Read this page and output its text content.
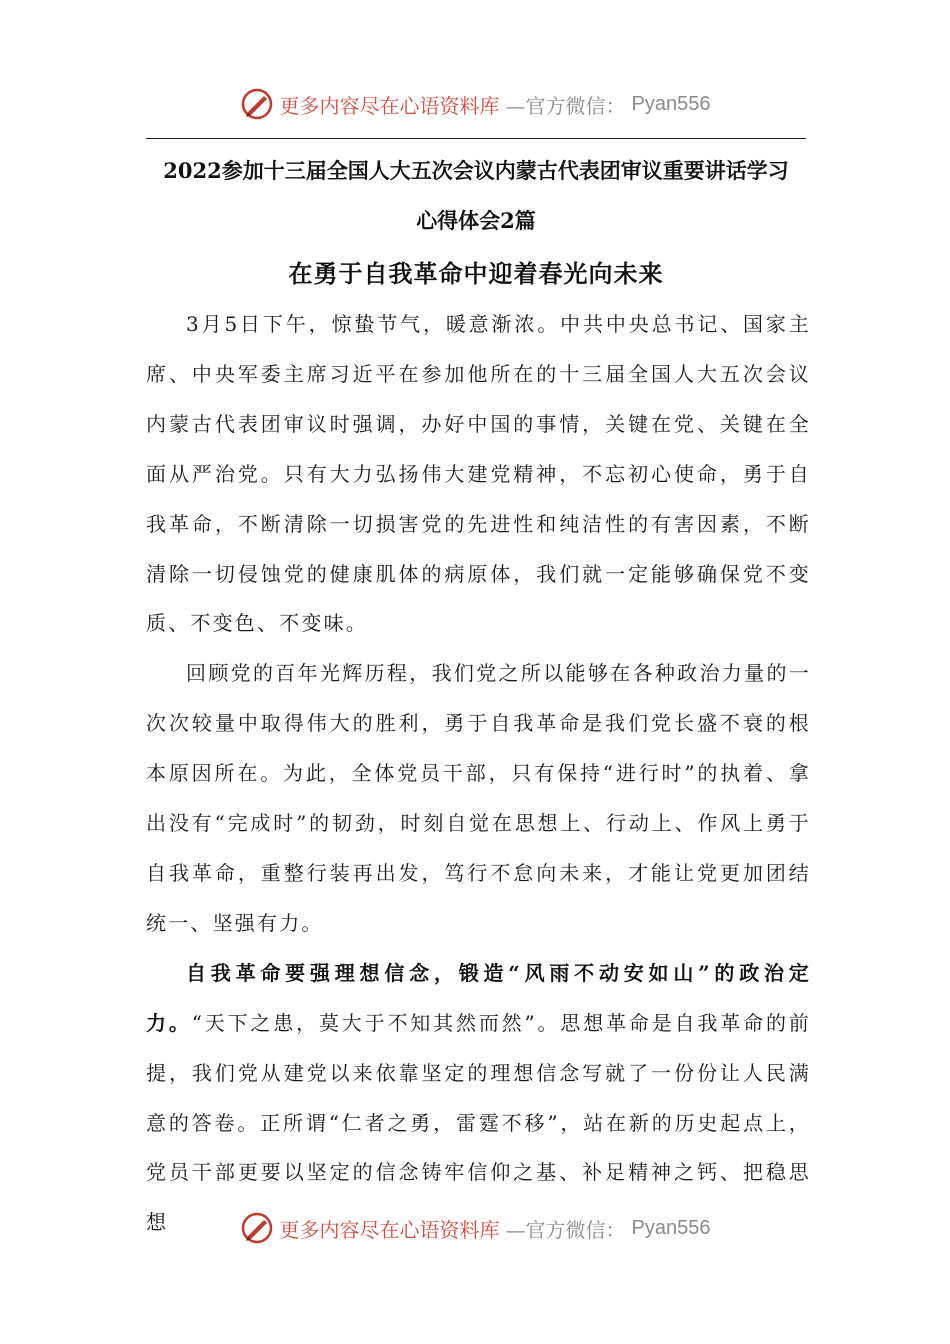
更多内容尽在心语资料库 —官方微信： Pyan556
2022参加十三届全国人大五次会议内蒙古代表团审议重要讲话学习
心得体会2篇
在勇于自我革命中迎着春光向未来

3月5日下午，惊蛰节气，暖意渐浓。中共中央总书记、国家主席、中央军委主席习近平在参加他所在的十三届全国人大五次会议内蒙古代表团审议时强调，办好中国的事情，关键在党、关键在全面从严治党。只有大力弘扬伟大建党精神，不忘初心使命，勇于自我革命，不断清除一切损害党的先进性和纯洁性的有害因素，不断清除一切侵蚀党的健康肌体的病原体，我们就一定能够确保党不变质、不变色、不变味。

回顾党的百年光辉历程，我们党之所以能够在各种政治力量的一次次较量中取得伟大的胜利，勇于自我革命是我们党长盛不衰的根本原因所在。为此，全体党员干部，只有保持“进行时”的执着、拿出没有“完成时”的韧劲，时刻自觉在思想上、行动上、作风上勇于自我革命，重整行装再出发，笃行不怠向未来，才能让党更加团结统一、坚强有力。

自我革命要强理想信念，锻造“风雨不动安如山”的政治定力。“天下之患，莫大于不知其然而然”。思想革命是自我革命的前提，我们党从建党以来依靠坚定的理想信念写就了一份份让人民满意的答卷。正所谓“仁者之勇，雷霆不移”，站在新的历史起点上，党员干部更要以坚定的信念铸牢信仰之基、补足精神之钙、把稳思想	更多内容尽在心语资料库 —官方微信： Pyan556
